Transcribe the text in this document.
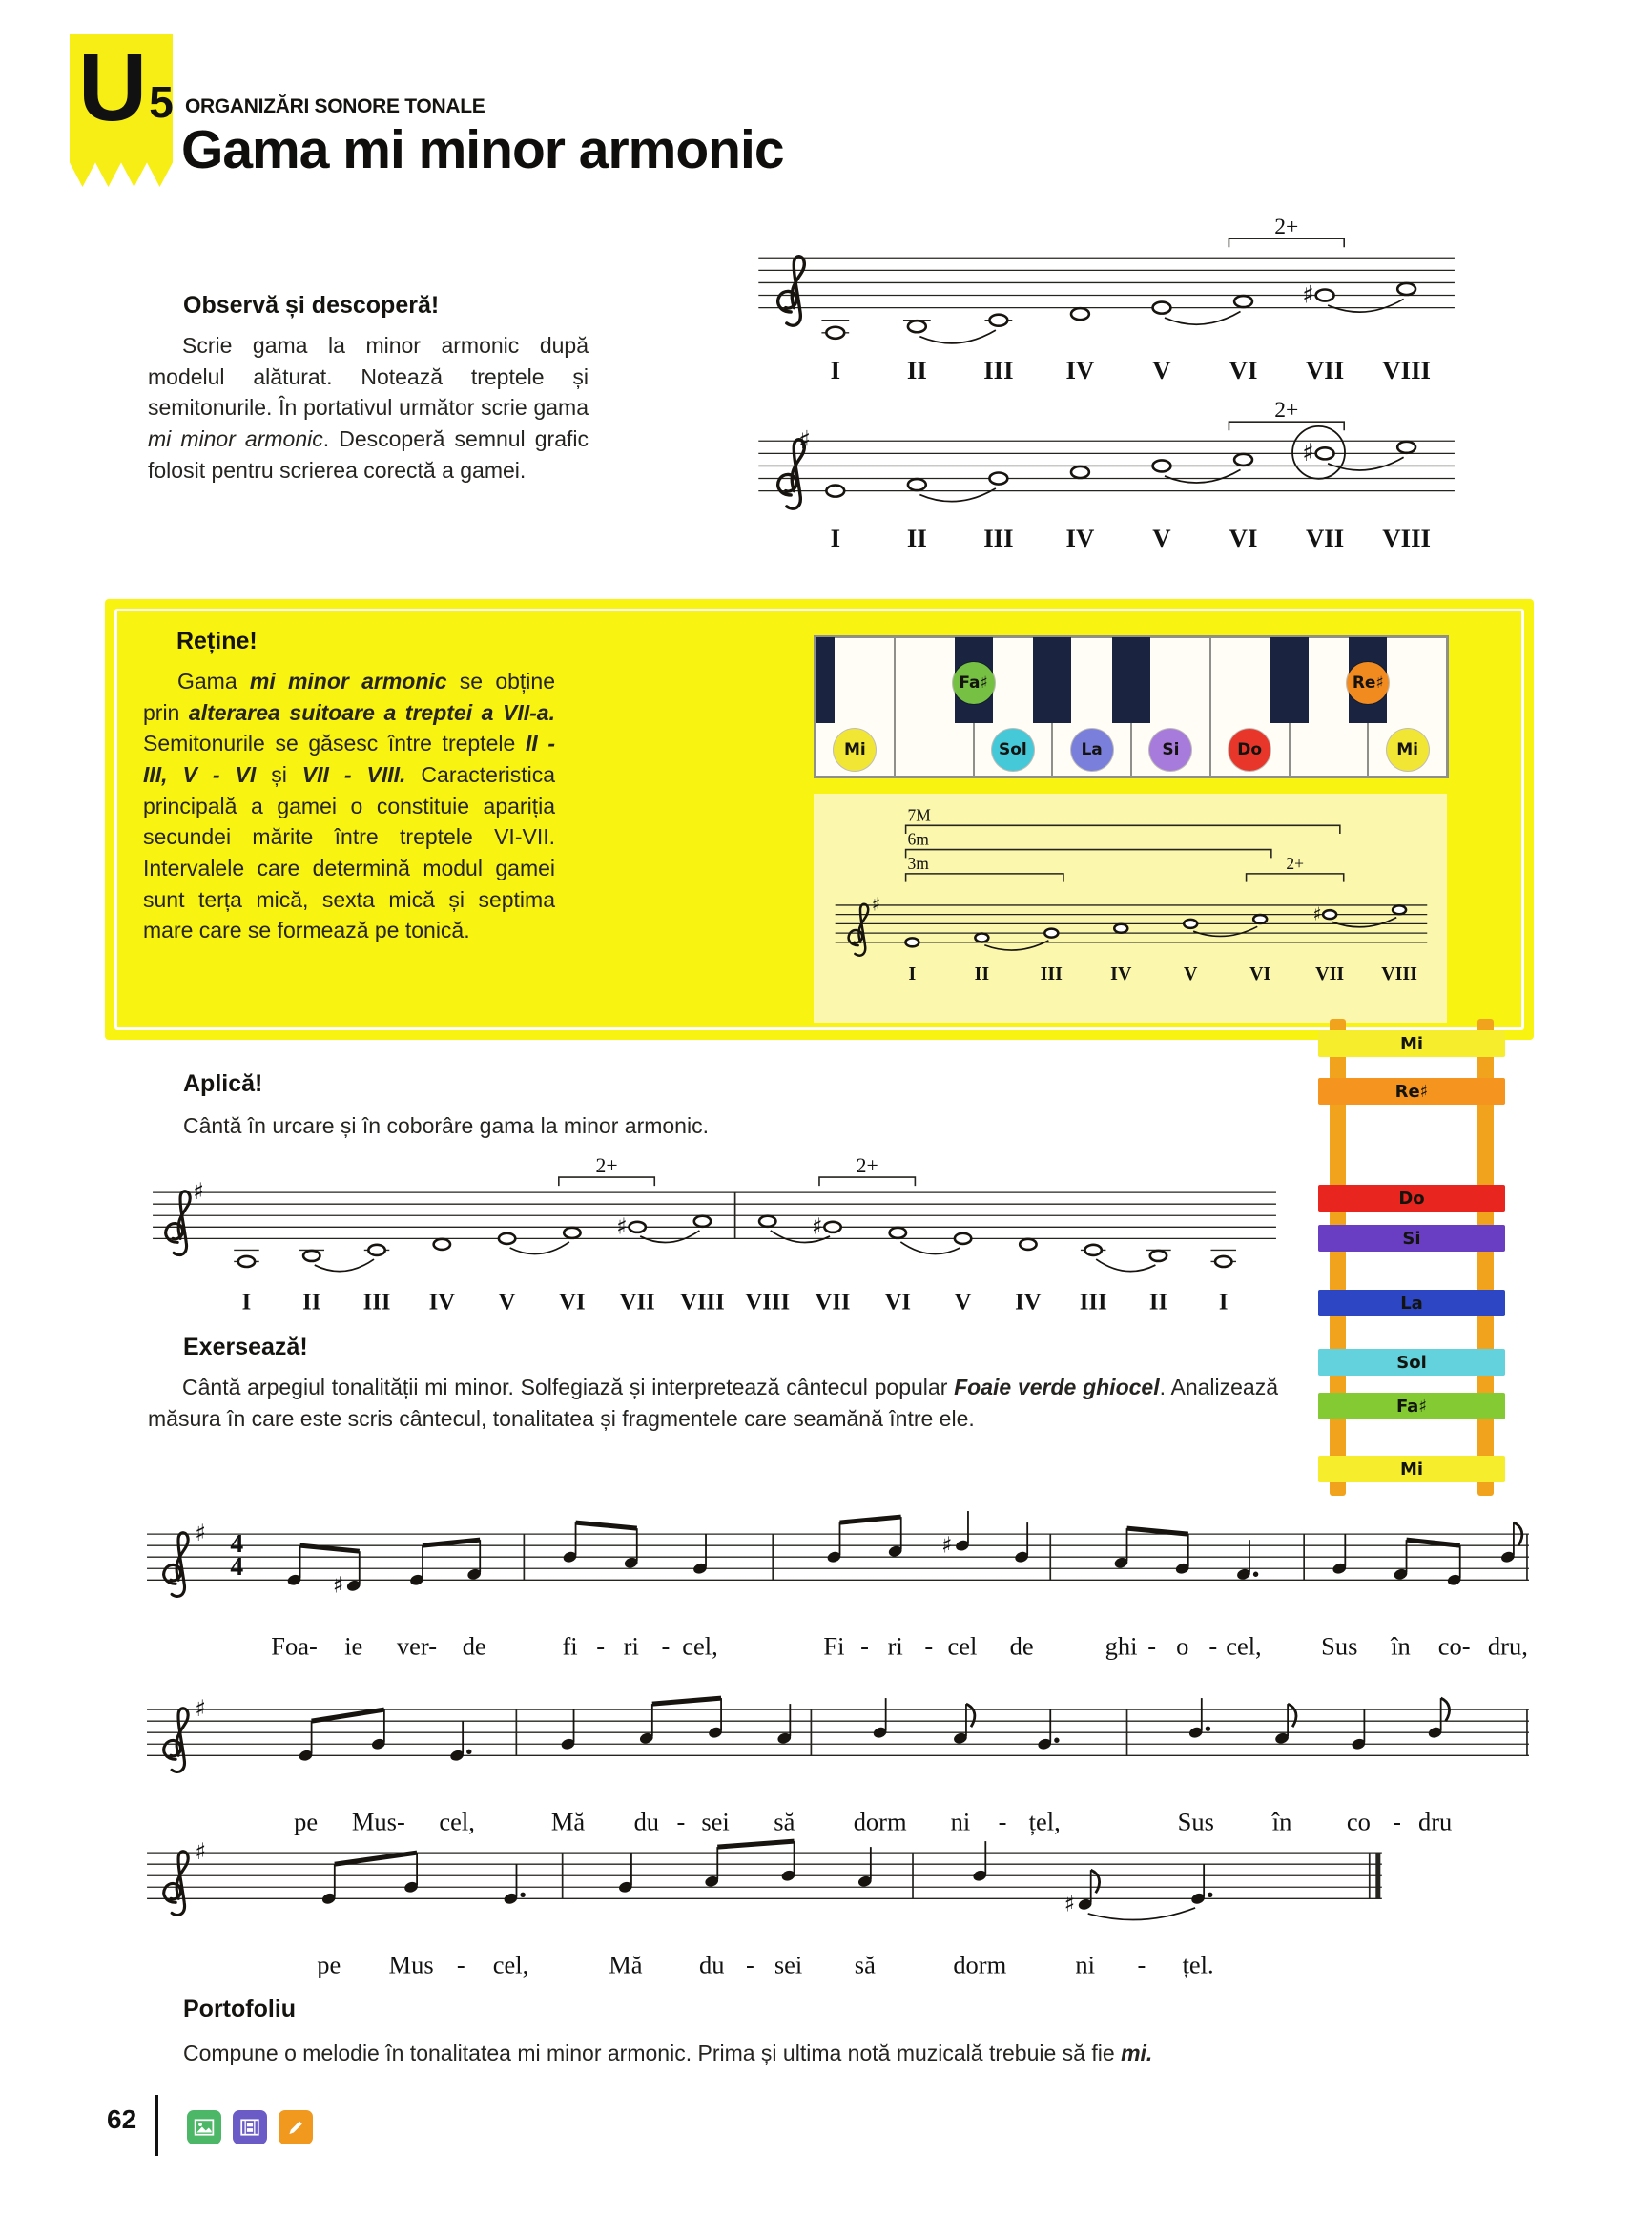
U 5 ORGANIZĂRI SONORE TONALE
Gama mi minor armonic
Observă și descoperă!
Scrie gama la minor armonic după modelul alăturat. Notează treptele și semitonurile. În portativul următor scrie gama mi minor armonic. Descoperă semnul grafic folosit pentru scrierea corectă a gamei.
♯
2+
I	II III IV V VI VII VIII
♯	♯
2+
I	II III IV V VI VII VIII
Reține!
Gama mi minor armonic se obține prin alterarea suitoare a treptei a VII-a. Semitonurile se găsesc între treptele II - III, V - VI și VII - VIII. Caracteristica principală a gamei o constituie apariția secundei mărite între treptele VI-VII. Intervalele care determină modul gamei sunt terța mică, sexta mică și septima mare care se formează pe tonică.
Mi	Sol	La	Si	Do	Mi
Fa♯	Re♯
♯	♯
7M
6m
3m	2+
I	II	III IV	V	VI VII VIII
Aplică!
Cântă în urcare și în coborâre gama la minor armonic.
♯
♯	♯
2+	2+
I II III IV V VI VII VIII VIII VII VI V IV III II I
Mi
Re♯
Do
Si
La
Sol
Fa♯
Mi
Exersează!
Cântă arpegiul tonalității mi minor. Solfegiază și interpretează cântecul popular Foaie verde ghiocel. Analizează măsura în care este scris cântecul, tonalitatea și fragmentele care seamănă între ele.
♯ 4
4
Foa-
♯
ie ver- de	fi - ri - cel,	Fi - ri -
♯
cel de	ghi - o - cel, Sus în co- dru,
♯
pe Mus- cel,	Mă du - sei să dorm ni - țel,	Sus în co - dru
♯
pe Mus - cel,	Mă du - sei să	dorm
♯
ni - țel.
Portofoliu
Compune o melodie în tonalitatea mi minor armonic. Prima și ultima notă muzicală trebuie să fie mi.
62
